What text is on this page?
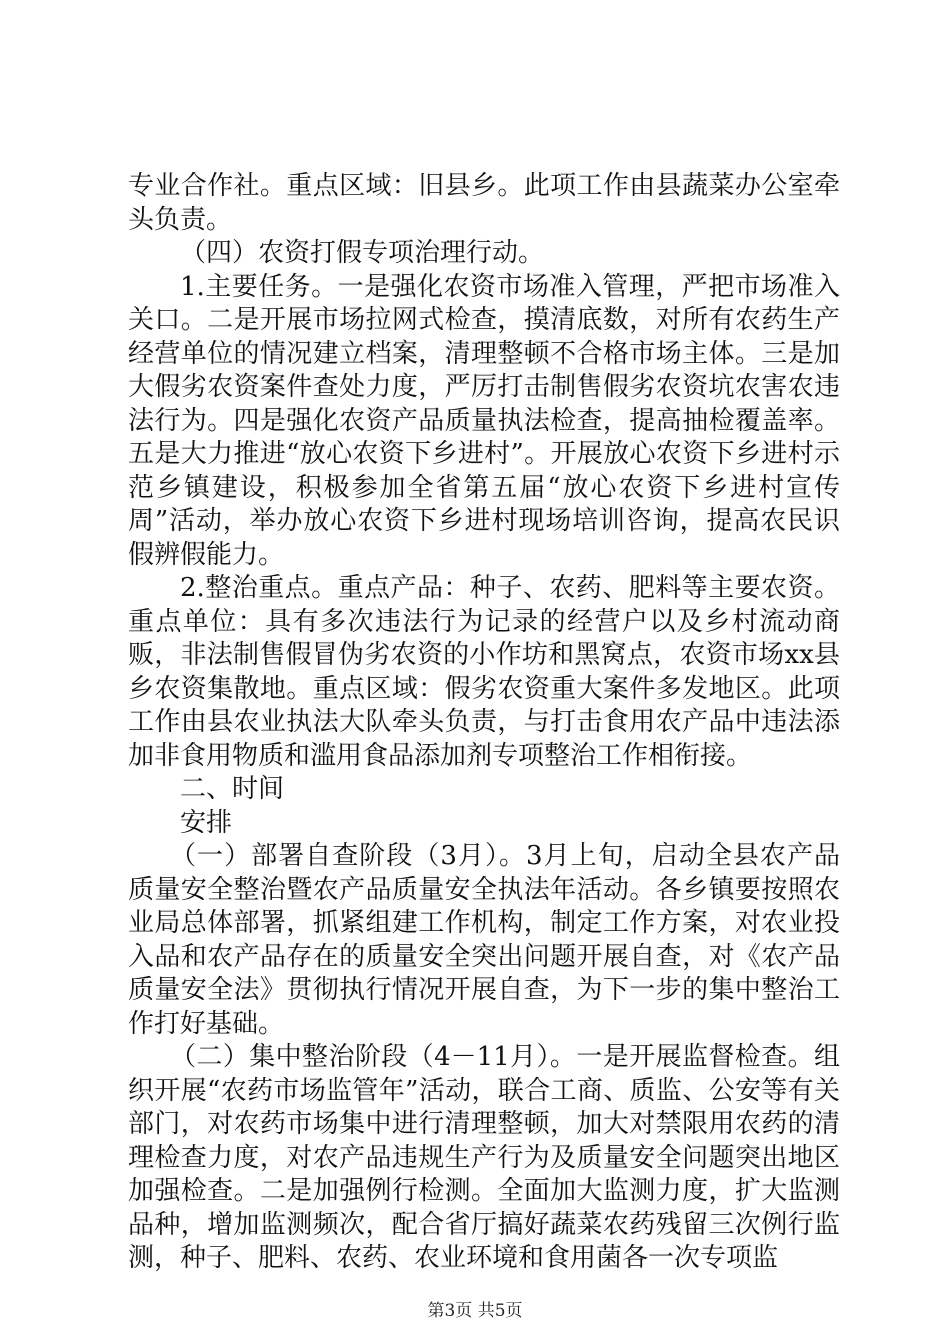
专业合作社。重点区域：旧县乡。此项工作由县蔬菜办公室牵头负责。

（四）农资打假专项治理行动。

1.主要任务。一是强化农资市场准入管理，严把市场准入关口。二是开展市场拉网式检查，摸清底数，对所有农药生产经营单位的情况建立档案，清理整顿不合格市场主体。三是加大假劣农资案件查处力度，严厉打击制售假劣农资坑农害农违法行为。四是强化农资产品质量执法检查，提高抽检覆盖率。五是大力推进“放心农资下乡进村”。开展放心农资下乡进村示范乡镇建设，积极参加全省第五届“放心农资下乡进村宣传周”活动，举办放心农资下乡进村现场培训咨询，提高农民识假辨假能力。

2.整治重点。重点产品：种子、农药、肥料等主要农资。重点单位：具有多次违法行为记录的经营户以及乡村流动商贩，非法制售假冒伪劣农资的小作坊和黑窝点，农资市场xx县乡农资集散地。重点区域：假劣农资重大案件多发地区。此项工作由县农业执法大队牵头负责，与打击食用农产品中违法添加非食用物质和滥用食品添加剂专项整治工作相衔接。

二、时间

安排

（一）部署自查阶段（3月）。3月上旬，启动全县农产品质量安全整治暨农产品质量安全执法年活动。各乡镇要按照农业局总体部署，抓紧组建工作机构，制定工作方案，对农业投入品和农产品存在的质量安全突出问题开展自查，对《农产品质量安全法》贯彻执行情况开展自查，为下一步的集中整治工作打好基础。

（二）集中整治阶段（4－11月）。一是开展监督检查。组织开展“农药市场监管年”活动，联合工商、质监、公安等有关部门，对农药市场集中进行清理整顿，加大对禁限用农药的清理检查力度，对农产品违规生产行为及质量安全问题突出地区加强检查。二是加强例行检测。全面加大监测力度，扩大监测品种，增加监测频次，配合省厅搞好蔬菜农药残留三次例行监测，种子、肥料、农药、农业环境和食用菌各一次专项监

第3页 共5页
